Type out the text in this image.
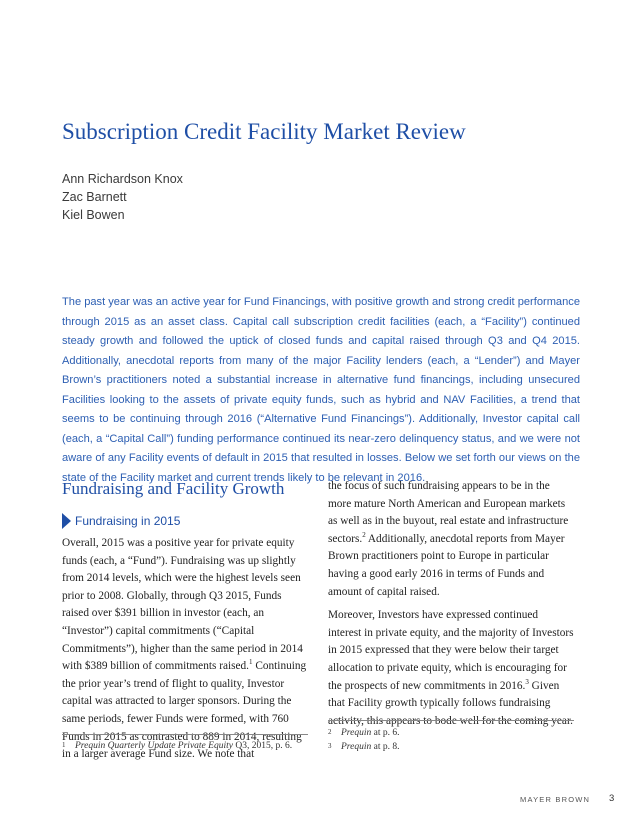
Subscription Credit Facility Market Review
Ann Richardson Knox
Zac Barnett
Kiel Bowen

The past year was an active year for Fund Financings, with positive growth and strong credit performance through 2015 as an asset class. Capital call subscription credit facilities (each, a “Facility”) continued steady growth and followed the uptick of closed funds and capital raised through Q3 and Q4 2015. Additionally, anecdotal reports from many of the major Facility lenders (each, a “Lender”) and Mayer Brown’s practitioners noted a substantial increase in alternative fund financings, including unsecured Facilities looking to the assets of private equity funds, such as hybrid and NAV Facilities, a trend that seems to be continuing through 2016 (“Alternative Fund Financings”). Additionally, Investor capital call (each, a “Capital Call”) funding performance continued its near-zero delinquency status, and we were not aware of any Facility events of default in 2015 that resulted in losses. Below we set forth our views on the state of the Facility market and current trends likely to be relevant in 2016.

Fundraising and Facility Growth
Fundraising in 2015

Overall, 2015 was a positive year for private equity funds (each, a “Fund”). Fundraising was up slightly from 2014 levels, which were the highest levels seen prior to 2008. Globally, through Q3 2015, Funds raised over $391 billion in investor (each, an “Investor”) capital commitments (“Capital Commitments”), higher than the same period in 2014 with $389 billion of commitments raised.$^1$ Continuing the prior year’s trend of flight to quality, Investor capital was attracted to larger sponsors. During the same periods, fewer Funds were formed, with 760 Funds in 2015 as contrasted to 889 in 2014, resulting in a larger average Fund size. We note that

the focus of such fundraising appears to be in the more mature North American and European markets as well as in the buyout, real estate and infrastructure sectors.$^2$ Additionally, anecdotal reports from Mayer Brown practitioners point to Europe in particular having a good early 2016 in terms of Funds and amount of capital raised.

Moreover, Investors have expressed continued interest in private equity, and the majority of Investors in 2015 expressed that they were below their target allocation to private equity, which is encouraging for the prospects of new commitments in 2016.$^3$ Given that Facility growth typically follows fundraising activity, this appears to bode well for the coming year.

1 Prequin Quarterly Update Private Equity Q3, 2015, p. 6.
2 Prequin at p. 6.
3 Prequin at p. 8.
MAYER BROWN 3
